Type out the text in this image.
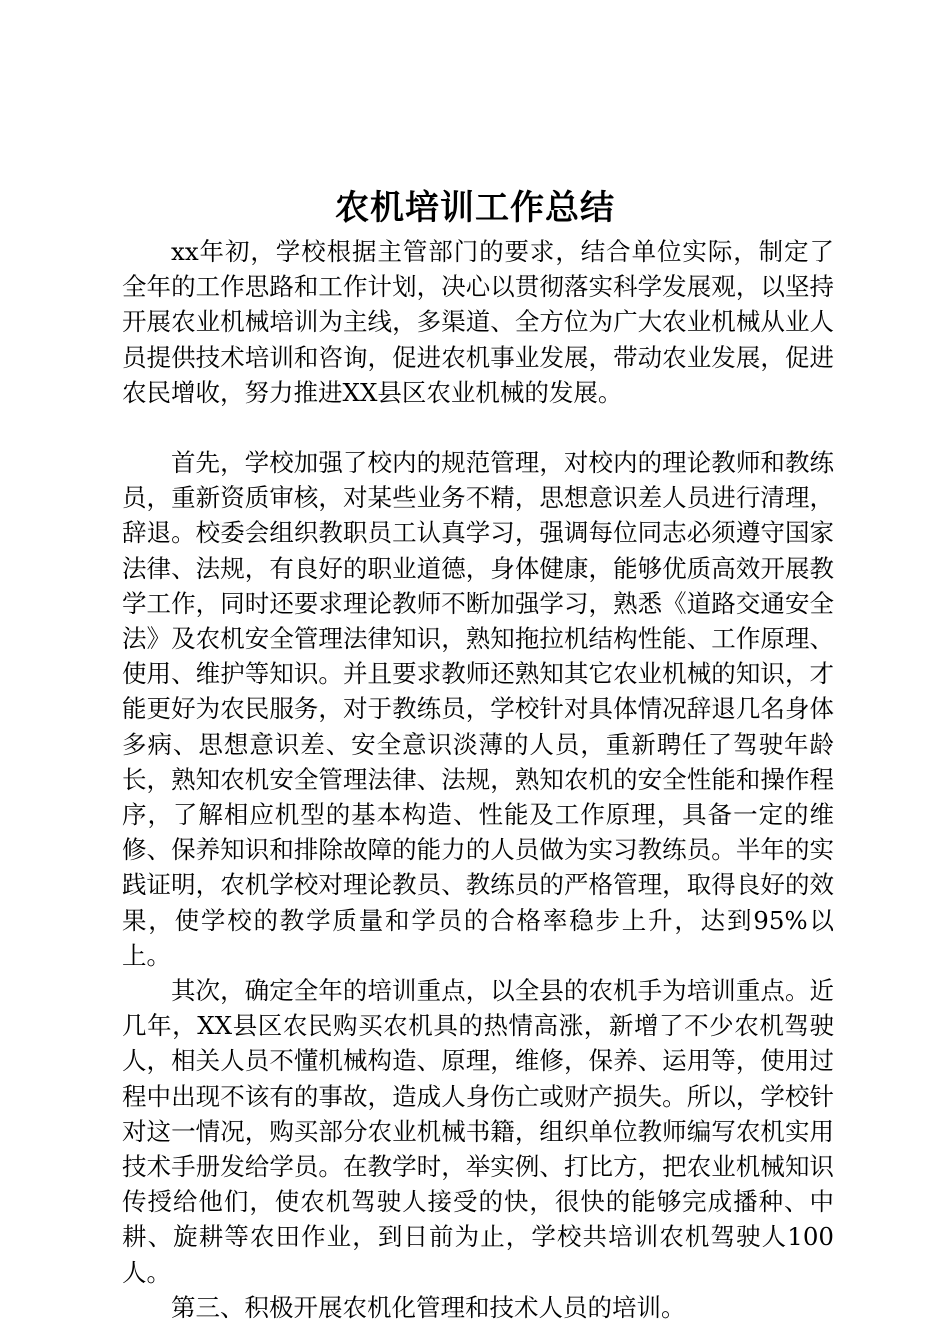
农机培训工作总结

xx年初，学校根据主管部门的要求，结合单位实际，制定了全年的工作思路和工作计划，决心以贯彻落实科学发展观，以坚持开展农业机械培训为主线，多渠道、全方位为广大农业机械从业人员提供技术培训和咨询，促进农机事业发展，带动农业发展，促进农民增收，努力推进XX县区农业机械的发展。

首先，学校加强了校内的规范管理，对校内的理论教师和教练员，重新资质审核，对某些业务不精，思想意识差人员进行清理，辞退。校委会组织教职员工认真学习，强调每位同志必须遵守国家法律、法规，有良好的职业道德，身体健康，能够优质高效开展教学工作，同时还要求理论教师不断加强学习，熟悉《道路交通安全法》及农机安全管理法律知识，熟知拖拉机结构性能、工作原理、使用、维护等知识。并且要求教师还熟知其它农业机械的知识，才能更好为农民服务，对于教练员，学校针对具体情况辞退几名身体多病、思想意识差、安全意识淡薄的人员，重新聘任了驾驶年龄长，熟知农机安全管理法律、法规，熟知农机的安全性能和操作程序，了解相应机型的基本构造、性能及工作原理，具备一定的维修、保养知识和排除故障的能力的人员做为实习教练员。半年的实践证明，农机学校对理论教员、教练员的严格管理，取得良好的效果，使学校的教学质量和学员的合格率稳步上升，达到95%以上。

其次，确定全年的培训重点，以全县的农机手为培训重点。近几年，XX县区农民购买农机具的热情高涨，新增了不少农机驾驶人，相关人员不懂机械构造、原理，维修，保养、运用等，使用过程中出现不该有的事故，造成人身伤亡或财产损失。所以，学校针对这一情况，购买部分农业机械书籍，组织单位教师编写农机实用技术手册发给学员。在教学时，举实例、打比方，把农业机械知识传授给他们，使农机驾驶人接受的快，很快的能够完成播种、中耕、旋耕等农田作业，到日前为止，学校共培训农机驾驶人100人。

第三、积极开展农机化管理和技术人员的培训。
